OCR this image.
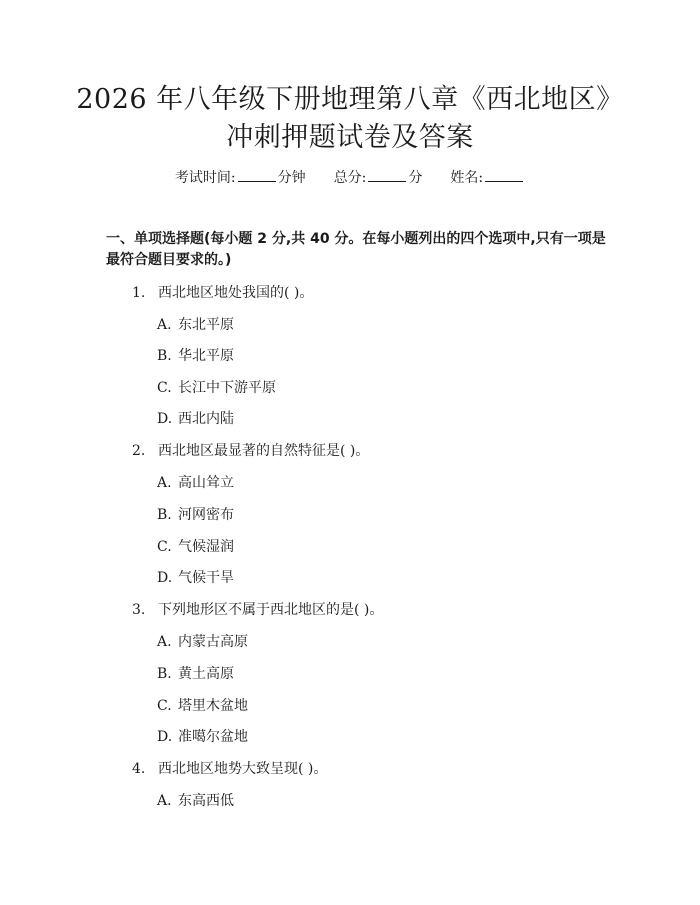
2026 年八年级下册地理第八章《西北地区》
冲刺押题试卷及答案
考试时间:	分钟 总分:	分 姓名:
一、单项选择题(每小题 2 分,共 40 分。在每小题列出的四个选项中,只有一项是最符合题目要求的。)
1. 西北地区地处我国的( )。
A. 东北平原
B. 华北平原
C. 长江中下游平原
D. 西北内陆
2. 西北地区最显著的自然特征是( )。
A. 高山耸立
B. 河网密布
C. 气候湿润
D. 气候干旱
3. 下列地形区不属于西北地区的是( )。
A. 内蒙古高原
B. 黄土高原
C. 塔里木盆地
D. 准噶尔盆地
4. 西北地区地势大致呈现( )。
A. 东高西低
